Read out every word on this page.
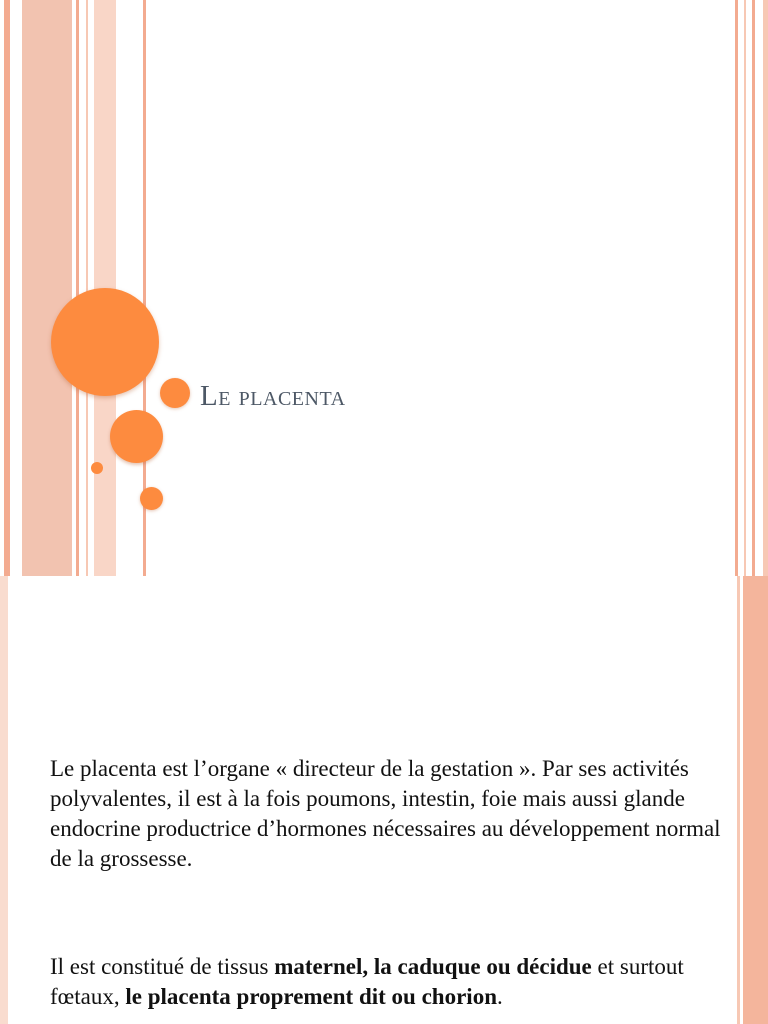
Le placenta
Le placenta est l’organe « directeur de la gestation ». Par ses activités polyvalentes, il est à la fois poumons, intestin, foie mais aussi glande endocrine productrice d’hormones nécessaires au développement normal de la grossesse.
Il est constitué de tissus maternel, la caduque ou décidue et surtout fœtaux, le placenta proprement dit ou chorion.
